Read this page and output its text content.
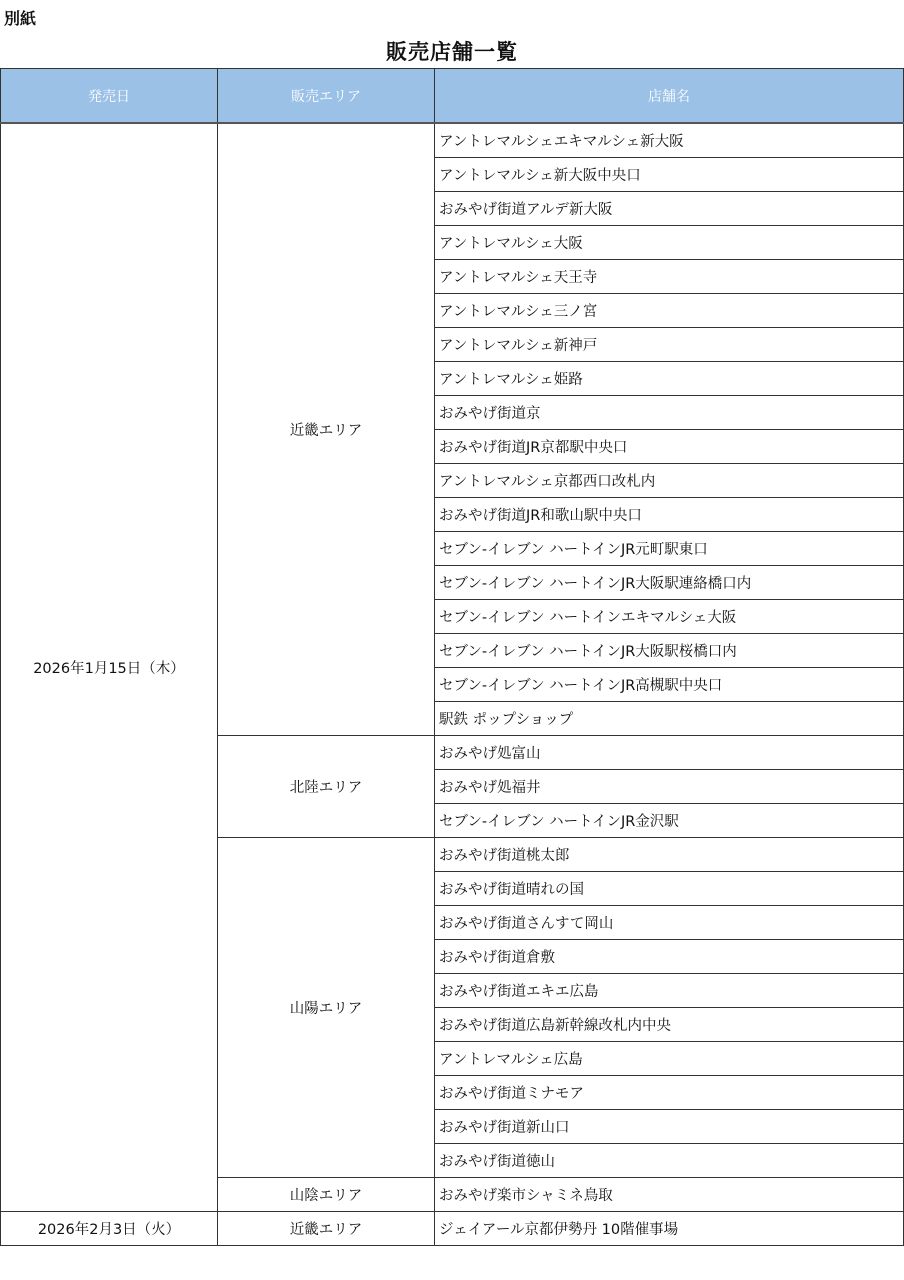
別紙
販売店舗一覧
発売日	販売エリア	店舗名
2026年1月15日（木）	近畿エリア	アントレマルシェエキマルシェ新大阪
		アントレマルシェ新大阪中央口
		おみやげ街道アルデ新大阪
		アントレマルシェ大阪
		アントレマルシェ天王寺
		アントレマルシェ三ノ宮
		アントレマルシェ新神戸
		アントレマルシェ姫路
		おみやげ街道京
		おみやげ街道JR京都駅中央口
		アントレマルシェ京都西口改札内
		おみやげ街道JR和歌山駅中央口
		セブン-イレブン ハートインJR元町駅東口
		セブン-イレブン ハートインJR大阪駅連絡橋口内
		セブン-イレブン ハートインエキマルシェ大阪
		セブン-イレブン ハートインJR大阪駅桜橋口内
		セブン-イレブン ハートインJR高槻駅中央口
		駅鉄 ポップショップ
	北陸エリア	おみやげ処富山
		おみやげ処福井
		セブン-イレブン ハートインJR金沢駅
	山陽エリア	おみやげ街道桃太郎
		おみやげ街道晴れの国
		おみやげ街道さんすて岡山
		おみやげ街道倉敷
		おみやげ街道エキエ広島
		おみやげ街道広島新幹線改札内中央
		アントレマルシェ広島
		おみやげ街道ミナモア
		おみやげ街道新山口
		おみやげ街道徳山
	山陰エリア	おみやげ楽市シャミネ鳥取
2026年2月3日（火）	近畿エリア	ジェイアール京都伊勢丹 10階催事場
